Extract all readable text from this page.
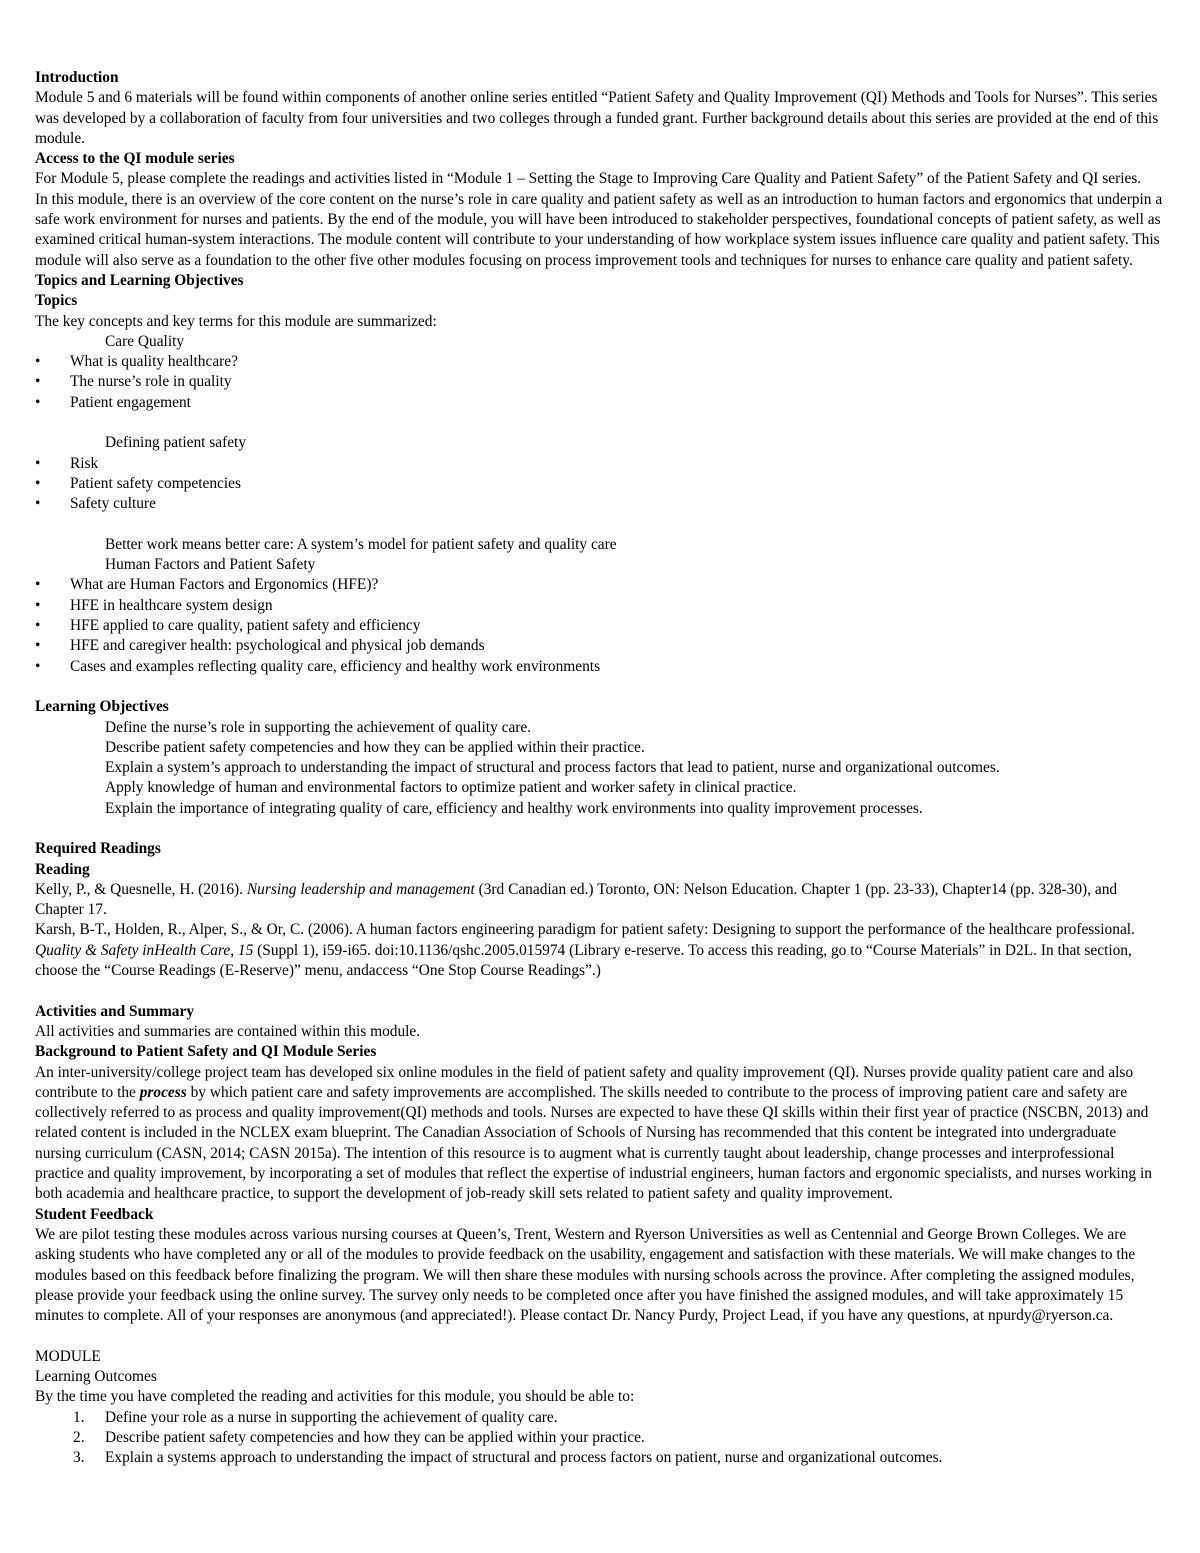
Introduction

Module 5 and 6 materials will be found within components of another online series entitled “Patient Safety and Quality Improvement (QI) Methods and Tools for Nurses”. This series was developed by a collaboration of faculty from four universities and two colleges through a funded grant. Further background details about this series are provided at the end of this module.

Access to the QI module series

For Module 5, please complete the readings and activities listed in “Module 1 – Setting the Stage to Improving Care Quality and Patient Safety” of the Patient Safety and QI series.

In this module, there is an overview of the core content on the nurse’s role in care quality and patient safety as well as an introduction to human factors and ergonomics that underpin a safe work environment for nurses and patients. By the end of the module, you will have been introduced to stakeholder perspectives, foundational concepts of patient safety, as well as examined critical human-system interactions. The module content will contribute to your understanding of how workplace system issues influence care quality and patient safety. This module will also serve as a foundation to the other five other modules focusing on process improvement tools and techniques for nurses to enhance care quality and patient safety.

Topics and Learning Objectives

Topics

The key concepts and key terms for this module are summarized:

Care Quality

• What is quality healthcare?
• The nurse’s role in quality
• Patient engagement

Defining patient safety

• Risk
• Patient safety competencies
• Safety culture

Better work means better care: A system’s model for patient safety and quality care

Human Factors and Patient Safety

• What are Human Factors and Ergonomics (HFE)?
• HFE in healthcare system design
• HFE applied to care quality, patient safety and efficiency
• HFE and caregiver health: psychological and physical job demands
• Cases and examples reflecting quality care, efficiency and healthy work environments

Learning Objectives

Define the nurse’s role in supporting the achievement of quality care.

Describe patient safety competencies and how they can be applied within their practice.

Explain a system’s approach to understanding the impact of structural and process factors that lead to patient, nurse and organizational outcomes.

Apply knowledge of human and environmental factors to optimize patient and worker safety in clinical practice.

Explain the importance of integrating quality of care, efficiency and healthy work environments into quality improvement processes.

Required Readings

Reading

Kelly, P., & Quesnelle, H. (2016). Nursing leadership and management (3rd Canadian ed.) Toronto, ON: Nelson Education. Chapter 1 (pp. 23-33), Chapter14 (pp. 328-30), and Chapter 17.

Karsh, B-T., Holden, R., Alper, S., & Or, C. (2006). A human factors engineering paradigm for patient safety: Designing to support the performance of the healthcare professional. Quality & Safety inHealth Care, 15 (Suppl 1), i59-i65. doi:10.1136/qshc.2005.015974 (Library e-reserve. To access this reading, go to “Course Materials” in D2L. In that section, choose the “Course Readings (E-Reserve)” menu, andaccess “One Stop Course Readings”.)

Activities and Summary

All activities and summaries are contained within this module.

Background to Patient Safety and QI Module Series

An inter-university/college project team has developed six online modules in the field of patient safety and quality improvement (QI). Nurses provide quality patient care and also contribute to the process by which patient care and safety improvements are accomplished. The skills needed to contribute to the process of improving patient care and safety are collectively referred to as process and quality improvement(QI) methods and tools. Nurses are expected to have these QI skills within their first year of practice (NSCBN, 2013) and related content is included in the NCLEX exam blueprint. The Canadian Association of Schools of Nursing has recommended that this content be integrated into undergraduate nursing curriculum (CASN, 2014; CASN 2015a). The intention of this resource is to augment what is currently taught about leadership, change processes and interprofessional practice and quality improvement, by incorporating a set of modules that reflect the expertise of industrial engineers, human factors and ergonomic specialists, and nurses working in both academia and healthcare practice, to support the development of job-ready skill sets related to patient safety and quality improvement.

Student Feedback

We are pilot testing these modules across various nursing courses at Queen’s, Trent, Western and Ryerson Universities as well as Centennial and George Brown Colleges. We are asking students who have completed any or all of the modules to provide feedback on the usability, engagement and satisfaction with these materials. We will make changes to the modules based on this feedback before finalizing the program. We will then share these modules with nursing schools across the province. After completing the assigned modules, please provide your feedback using the online survey. The survey only needs to be completed once after you have finished the assigned modules, and will take approximately 15 minutes to complete. All of your responses are anonymous (and appreciated!). Please contact Dr. Nancy Purdy, Project Lead, if you have any questions, at npurdy@ryerson.ca.

MODULE

Learning Outcomes

By the time you have completed the reading and activities for this module, you should be able to:

1. Define your role as a nurse in supporting the achievement of quality care.
2. Describe patient safety competencies and how they can be applied within your practice.
3. Explain a systems approach to understanding the impact of structural and process factors on patient, nurse and organizational outcomes.
